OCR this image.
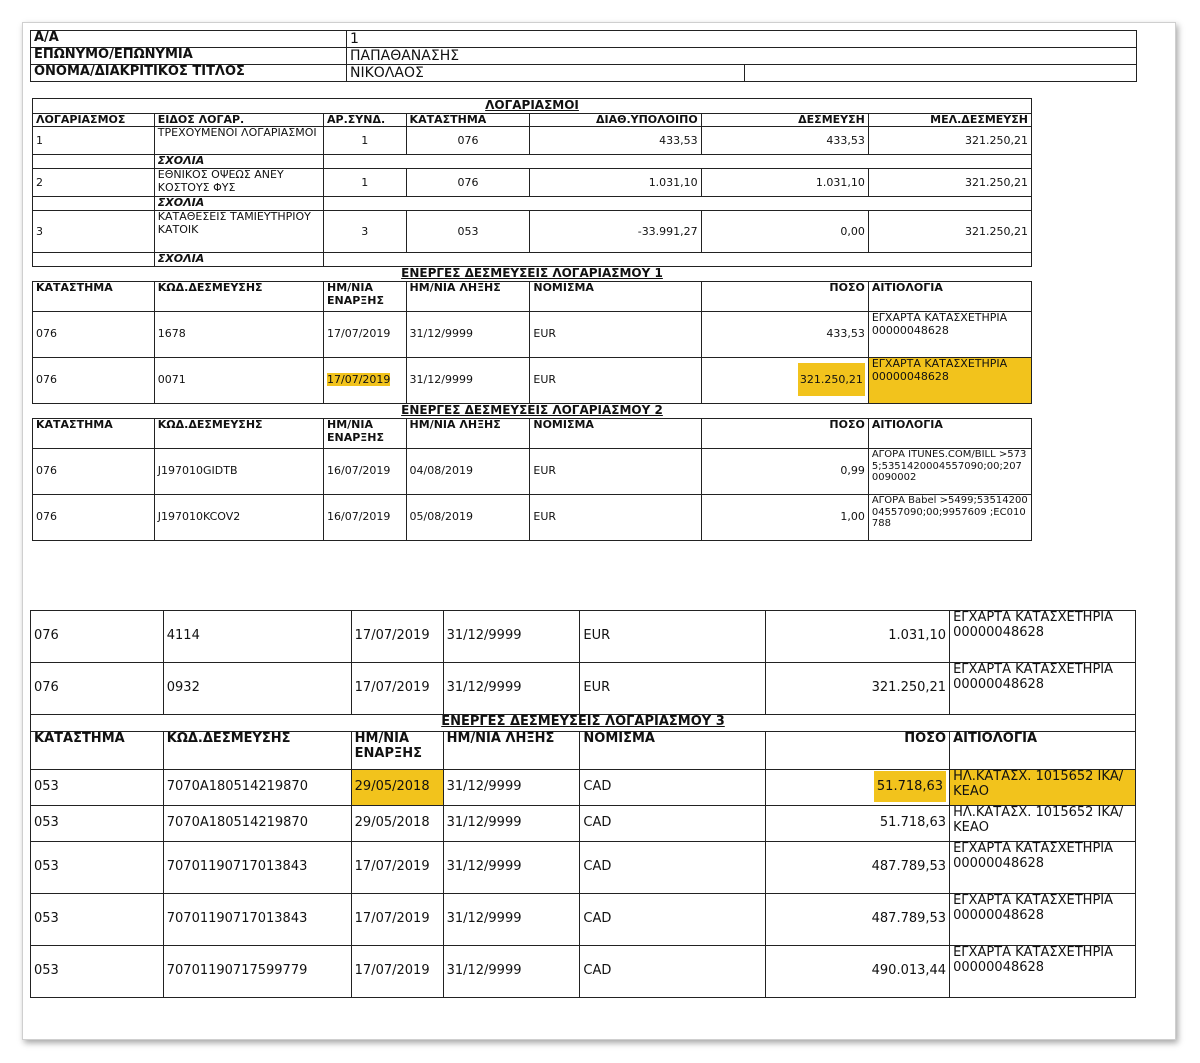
Α/Α	1	
ΕΠΩΝΥΜΟ/ΕΠΩΝΥΜΙΑ	ΠΑΠΑΘΑΝΑΣΗΣ	
ΟΝΟΜΑ/ΔΙΑΚΡΙΤΙΚΟΣ ΤΙΤΛΟΣ	ΝΙΚΟΛΑΟΣ	
ΛΟΓΑΡΙΑΣΜΟΙ						
ΛΟΓΑΡΙΑΣΜΟΣ	ΕΙΔΟΣ ΛΟΓΑΡ.	ΑΡ.ΣΥΝΔ.	ΚΑΤΑΣΤΗΜΑ	ΔΙΑΘ.ΥΠΟΛΟΙΠΟ	ΔΕΣΜΕΥΣΗ	ΜΕΛ.ΔΕΣΜΕΥΣΗ
1	ΤΡΕΧΟΥΜΕΝΟΙ ΛΟΓΑΡΙΑΣΜΟΙ	1	076	433,53	433,53	321.250,21
	ΣΧΟΛΙΑ					
2	ΕΘΝΙΚΟΣ ΟΨΕΩΣ ΑΝΕΥ ΚΟΣΤΟΥΣ ΦΥΣ	1	076	1.031,10	1.031,10	321.250,21
	ΣΧΟΛΙΑ					
3	ΚΑΤΑΘΕΣΕΙΣ ΤΑΜΙΕΥΤΗΡΙΟΥ ΚΑΤΟΙΚ	3	053	-33.991,27	0,00	321.250,21
	ΣΧΟΛΙΑ					
ΕΝΕΡΓΕΣ ΔΕΣΜΕΥΣΕΙΣ ΛΟΓΑΡΙΑΣΜΟΥ 1						
ΚΑΤΑΣΤΗΜΑ	ΚΩΔ.ΔΕΣΜΕΥΣΗΣ	ΗΜ/ΝΙΑ ΕΝΑΡΞΗΣ	ΗΜ/ΝΙΑ ΛΗΞΗΣ	ΝΟΜΙΣΜΑ	ΠΟΣΟ	ΑΙΤΙΟΛΟΓΙΑ
076	1678	17/07/2019	31/12/9999	EUR	433,53	ΕΓΧΑΡΤΑ ΚΑΤΑΣΧΕΤΗΡΙΑ 00000048628
076	0071	17/07/2019	31/12/9999	EUR	321.250,21	ΕΓΧΑΡΤΑ ΚΑΤΑΣΧΕΤΗΡΙΑ 00000048628
ΕΝΕΡΓΕΣ ΔΕΣΜΕΥΣΕΙΣ ΛΟΓΑΡΙΑΣΜΟΥ 2						
ΚΑΤΑΣΤΗΜΑ	ΚΩΔ.ΔΕΣΜΕΥΣΗΣ	ΗΜ/ΝΙΑ ΕΝΑΡΞΗΣ	ΗΜ/ΝΙΑ ΛΗΞΗΣ	ΝΟΜΙΣΜΑ	ΠΟΣΟ	ΑΙΤΙΟΛΟΓΙΑ
076	J197010GIDTB	16/07/2019	04/08/2019	EUR	0,99	ΑΓΟΡΑ ITUNES.COM/BILL >5735;5351420004557090;00;2070090002
076	J197010KCOV2	16/07/2019	05/08/2019	EUR	1,00	ΑΓΟΡΑ Babel >5499;5351420004557090;00;9957609 ;EC010788
076	4114	17/07/2019	31/12/9999	EUR	1.031,10	ΕΓΧΑΡΤΑ ΚΑΤΑΣΧΕΤΗΡΙΑ 00000048628
076	0932	17/07/2019	31/12/9999	EUR	321.250,21	ΕΓΧΑΡΤΑ ΚΑΤΑΣΧΕΤΗΡΙΑ 00000048628
ΕΝΕΡΓΕΣ ΔΕΣΜΕΥΣΕΙΣ ΛΟΓΑΡΙΑΣΜΟΥ 3						
ΚΑΤΑΣΤΗΜΑ	ΚΩΔ.ΔΕΣΜΕΥΣΗΣ	ΗΜ/ΝΙΑ ΕΝΑΡΞΗΣ	ΗΜ/ΝΙΑ ΛΗΞΗΣ	ΝΟΜΙΣΜΑ	ΠΟΣΟ	ΑΙΤΙΟΛΟΓΙΑ
053	7070A180514219870	29/05/2018	31/12/9999	CAD	51.718,63	ΗΛ.ΚΑΤΑΣΧ. 1015652 ΙΚΑ/ΚΕΑΟ
053	7070A180514219870	29/05/2018	31/12/9999	CAD	51.718,63	ΗΛ.ΚΑΤΑΣΧ. 1015652 ΙΚΑ/ΚΕΑΟ
053	70701190717013843	17/07/2019	31/12/9999	CAD	487.789,53	ΕΓΧΑΡΤΑ ΚΑΤΑΣΧΕΤΗΡΙΑ 00000048628
053	70701190717013843	17/07/2019	31/12/9999	CAD	487.789,53	ΕΓΧΑΡΤΑ ΚΑΤΑΣΧΕΤΗΡΙΑ 00000048628
053	70701190717599779	17/07/2019	31/12/9999	CAD	490.013,44	ΕΓΧΑΡΤΑ ΚΑΤΑΣΧΕΤΗΡΙΑ 00000048628
